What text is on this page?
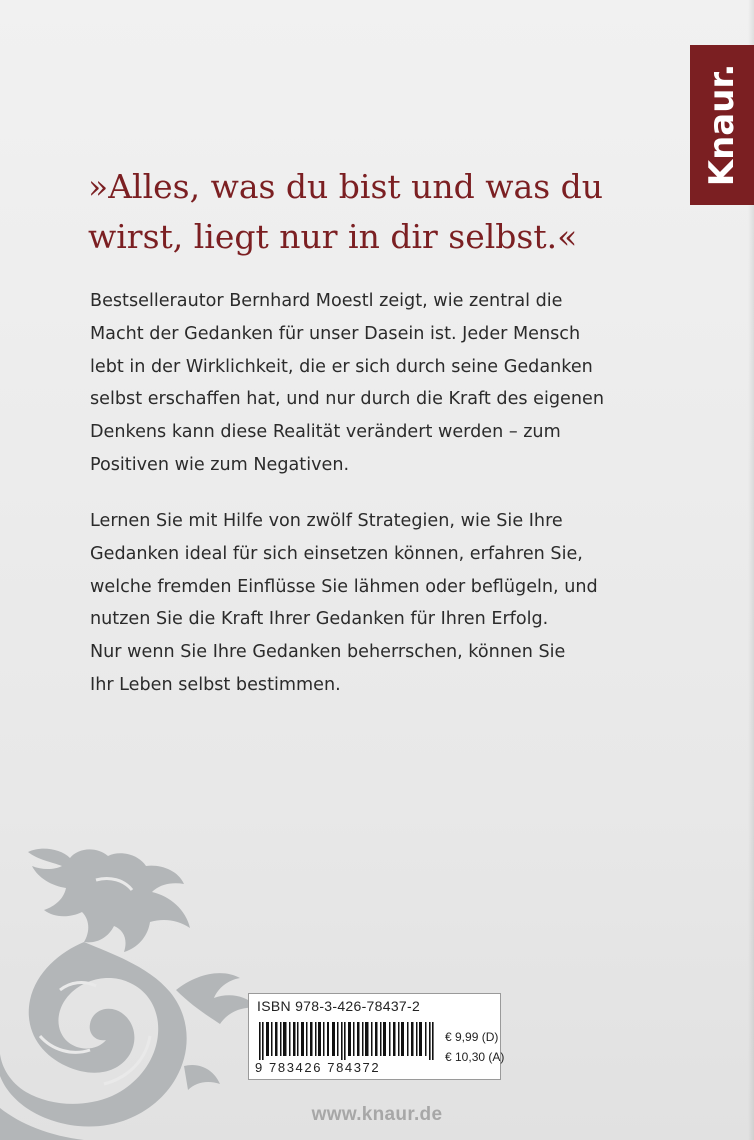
Knaur.
»Alles, was du bist und was du
wirst, liegt nur in dir selbst.«
Bestsellerautor Bernhard Moestl zeigt, wie zentral die
Macht der Gedanken für unser Dasein ist. Jeder Mensch
lebt in der Wirklichkeit, die er sich durch seine Gedanken
selbst erschaffen hat, und nur durch die Kraft des eigenen
Denkens kann diese Realität verändert werden – zum
Positiven wie zum Negativen.
Lernen Sie mit Hilfe von zwölf Strategien, wie Sie Ihre
Gedanken ideal für sich einsetzen können, erfahren Sie,
welche fremden Einflüsse Sie lähmen oder beflügeln, und
nutzen Sie die Kraft Ihrer Gedanken für Ihren Erfolg.
Nur wenn Sie Ihre Gedanken beherrschen, können Sie
Ihr Leben selbst bestimmen.
ISBN 978-3-426-78437-2
9 783426 784372
€ 9,99 (D)
€ 10,30 (A)
www.knaur.de
